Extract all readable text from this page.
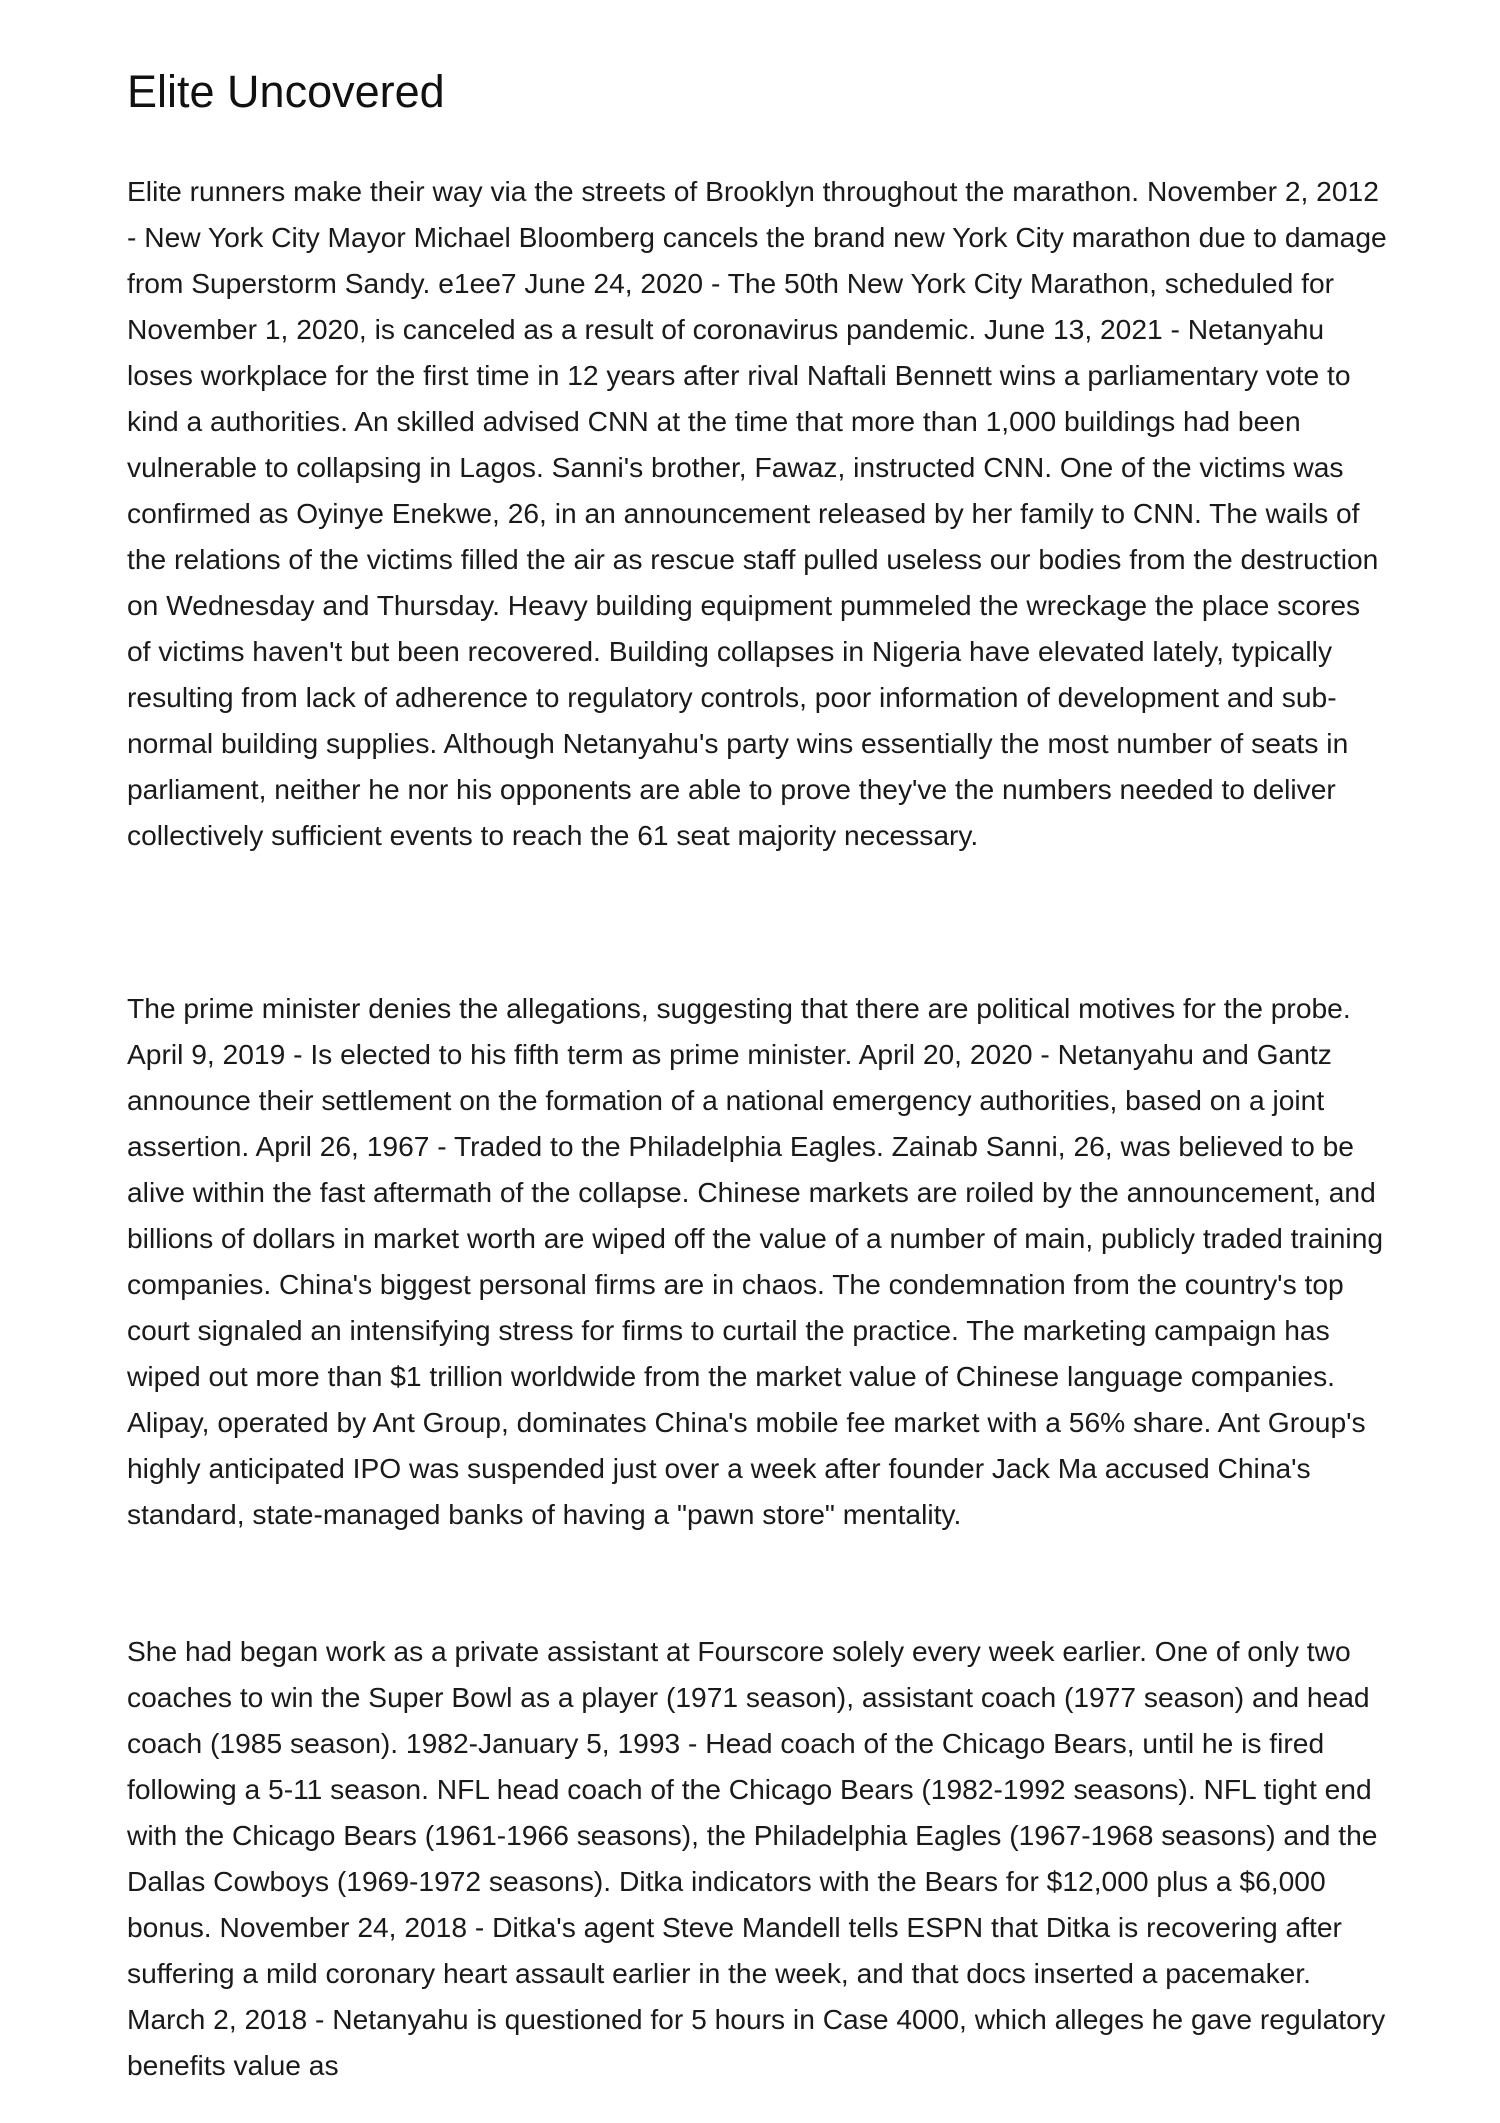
Elite Uncovered

Elite runners make their way via the streets of Brooklyn throughout the marathon. November 2, 2012 - New York City Mayor Michael Bloomberg cancels the brand new York City marathon due to damage from Superstorm Sandy. e1ee7 June 24, 2020 - The 50th New York City Marathon, scheduled for November 1, 2020, is canceled as a result of coronavirus pandemic. June 13, 2021 - Netanyahu loses workplace for the first time in 12 years after rival Naftali Bennett wins a parliamentary vote to kind a authorities. An skilled advised CNN at the time that more than 1,000 buildings had been vulnerable to collapsing in Lagos. Sanni's brother, Fawaz, instructed CNN. One of the victims was confirmed as Oyinye Enekwe, 26, in an announcement released by her family to CNN. The wails of the relations of the victims filled the air as rescue staff pulled useless our bodies from the destruction on Wednesday and Thursday. Heavy building equipment pummeled the wreckage the place scores of victims haven't but been recovered. Building collapses in Nigeria have elevated lately, typically resulting from lack of adherence to regulatory controls, poor information of development and sub-normal building supplies. Although Netanyahu's party wins essentially the most number of seats in parliament, neither he nor his opponents are able to prove they've the numbers needed to deliver collectively sufficient events to reach the 61 seat majority necessary.

The prime minister denies the allegations, suggesting that there are political motives for the probe. April 9, 2019 - Is elected to his fifth term as prime minister. April 20, 2020 - Netanyahu and Gantz announce their settlement on the formation of a national emergency authorities, based on a joint assertion. April 26, 1967 - Traded to the Philadelphia Eagles. Zainab Sanni, 26, was believed to be alive within the fast aftermath of the collapse. Chinese markets are roiled by the announcement, and billions of dollars in market worth are wiped off the value of a number of main, publicly traded training companies. China's biggest personal firms are in chaos. The condemnation from the country's top court signaled an intensifying stress for firms to curtail the practice. The marketing campaign has wiped out more than $1 trillion worldwide from the market value of Chinese language companies. Alipay, operated by Ant Group, dominates China's mobile fee market with a 56% share. Ant Group's highly anticipated IPO was suspended just over a week after founder Jack Ma accused China's standard, state-managed banks of having a "pawn store" mentality.

She had began work as a private assistant at Fourscore solely every week earlier. One of only two coaches to win the Super Bowl as a player (1971 season), assistant coach (1977 season) and head coach (1985 season). 1982-January 5, 1993 - Head coach of the Chicago Bears, until he is fired following a 5-11 season. NFL head coach of the Chicago Bears (1982-1992 seasons). NFL tight end with the Chicago Bears (1961-1966 seasons), the Philadelphia Eagles (1967-1968 seasons) and the Dallas Cowboys (1969-1972 seasons). Ditka indicators with the Bears for $12,000 plus a $6,000 bonus. November 24, 2018 - Ditka's agent Steve Mandell tells ESPN that Ditka is recovering after suffering a mild coronary heart assault earlier in the week, and that docs inserted a pacemaker. March 2, 2018 - Netanyahu is questioned for 5 hours in Case 4000, which alleges he gave regulatory benefits value as
